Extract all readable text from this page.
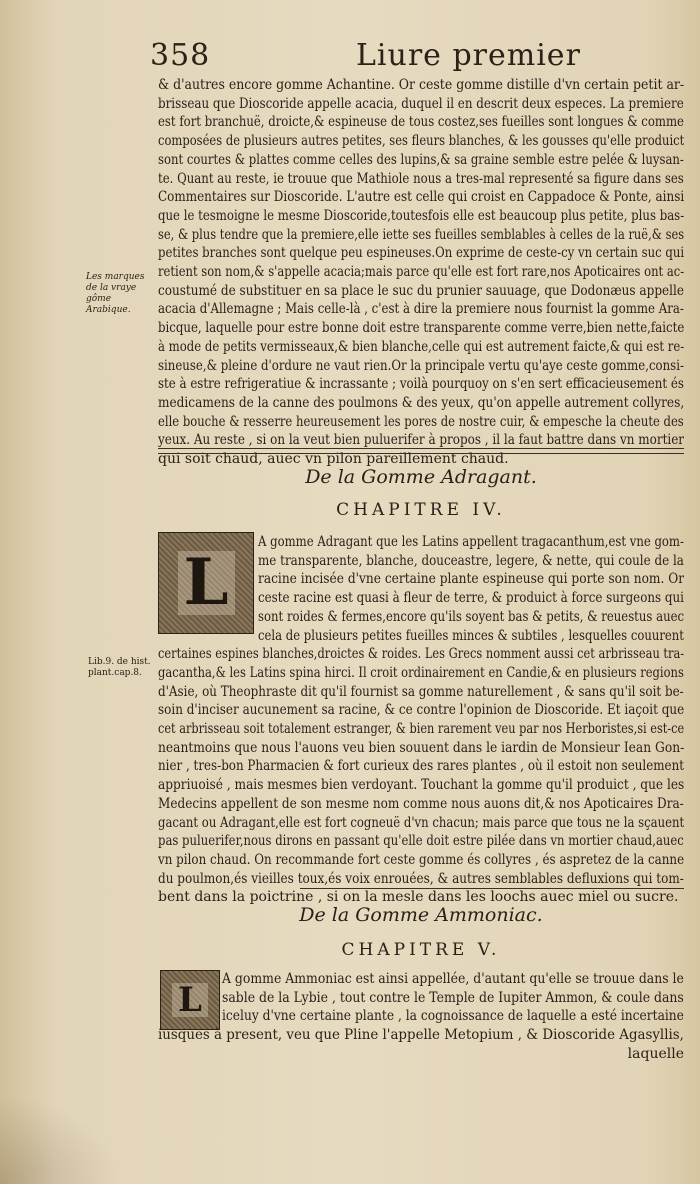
358	Liure premier
& d'autres encore gomme Achantine. Or ceste gomme distille d'vn certain petit ar-
brisseau que Dioscoride appelle acacia, duquel il en descrit deux especes. La premiere
est fort branchuë, droicte,& espineuse de tous costez,ses fueilles sont longues & comme
composées de plusieurs autres petites, ses fleurs blanches, & les gousses qu'elle produict
sont courtes & plattes comme celles des lupins,& sa graine semble estre pelée & luysan-
te. Quant au reste, ie trouue que Mathiole nous a tres-mal representé sa figure dans ses
Commentaires sur Dioscoride. L'autre est celle qui croist en Cappadoce & Ponte, ainsi
que le tesmoigne le mesme Dioscoride,toutesfois elle est beaucoup plus petite, plus bas-
se, & plus tendre que la premiere,elle iette ses fueilles semblables à celles de la ruë,& ses
petites branches sont quelque peu espineuses.On exprime de ceste-cy vn certain suc qui
retient son nom,& s'appelle acacia;mais parce qu'elle est fort rare,nos Apoticaires ont ac-
coustumé de substituer en sa place le suc du prunier sauuage, que Dodonæus appelle
acacia d'Allemagne ; Mais celle-là , c'est à dire la premiere nous fournist la gomme Ara-
bicque, laquelle pour estre bonne doit estre transparente comme verre,bien nette,faicte
à mode de petits vermisseaux,& bien blanche,celle qui est autrement faicte,& qui est re-
sineuse,& pleine d'ordure ne vaut rien.Or la principale vertu qu'aye ceste gomme,consi-
ste à estre refrigeratiue & incrassante ; voilà pourquoy on s'en sert efficacieusement és
medicamens de la canne des poulmons & des yeux, qu'on appelle autrement collyres,
elle bouche & resserre heureusement les pores de nostre cuir, & empesche la cheute des
yeux. Au reste , si on la veut bien puluerifer à propos , il la faut battre dans vn mortier
qui soit chaud, auec vn pilon pareillement chaud.
Les marques de la vraye gôme Arabique.
De la Gomme Adragant.
CHAPITRE IV.
L
A gomme Adragant que les Latins appellent tragacanthum,est vne gom-
me transparente, blanche, douceastre, legere, & nette, qui coule de la
racine incisée d'vne certaine plante espineuse qui porte son nom. Or
ceste racine est quasi à fleur de terre, & produict à force surgeons qui
sont roides & fermes,encore qu'ils soyent bas & petits, & reuestus auec
cela de plusieurs petites fueilles minces & subtiles , lesquelles couurent
certaines espines blanches,droictes & roides. Les Grecs nomment aussi cet arbrisseau tra-
gacantha,& les Latins spina hirci. Il croit ordinairement en Candie,& en plusieurs regions
d'Asie, où Theophraste dit qu'il fournist sa gomme naturellement , & sans qu'il soit be-
soin d'inciser aucunement sa racine, & ce contre l'opinion de Dioscoride. Et iaçoit que
cet arbrisseau soit totalement estranger, & bien rarement veu par nos Herboristes,si est-ce
neantmoins que nous l'auons veu bien souuent dans le iardin de Monsieur Iean Gon-
nier , tres-bon Pharmacien & fort curieux des rares plantes , où il estoit non seulement
appriuoisé , mais mesmes bien verdoyant. Touchant la gomme qu'il produict , que les
Medecins appellent de son mesme nom comme nous auons dit,& nos Apoticaires Dra-
gacant ou Adragant,elle est fort cogneuë d'vn chacun; mais parce que tous ne la sçauent
pas puluerifer,nous dirons en passant qu'elle doit estre pilée dans vn mortier chaud,auec
vn pilon chaud. On recommande fort ceste gomme és collyres , és aspretez de la canne
du poulmon,és vieilles toux,és voix enrouées, & autres semblables defluxions qui tom-
bent dans la poictrine , si on la mesle dans les loochs auec miel ou sucre.
Lib.9. de hist. plant.cap.8.
De la Gomme Ammoniac.
CHAPITRE V.
L
A gomme Ammoniac est ainsi appellée, d'autant qu'elle se trouue dans le
sable de la Lybie , tout contre le Temple de Iupiter Ammon, & coule dans
iceluy d'vne certaine plante , la cognoissance de laquelle a esté incertaine
iusques à present, veu que Pline l'appelle Metopium , & Dioscoride Agasyllis,
laquelle
